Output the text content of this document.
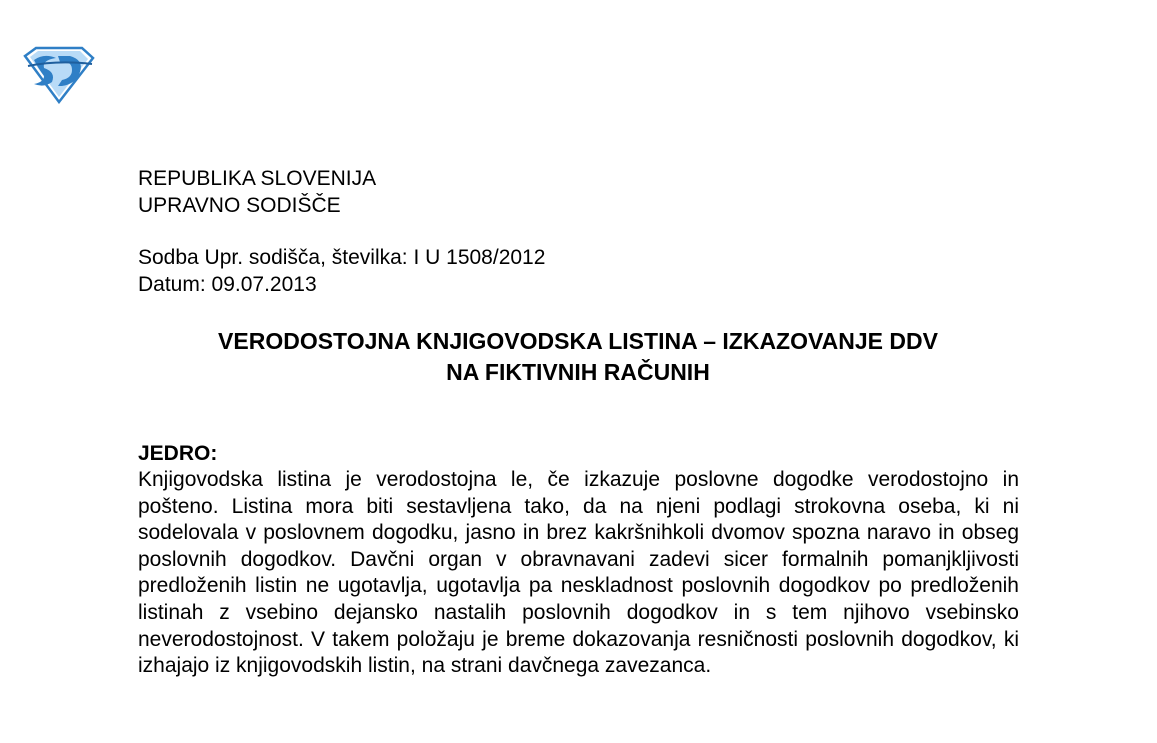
REPUBLIKA SLOVENIJA
UPRAVNO SODIŠČE
Sodba Upr. sodišča, številka: I U 1508/2012
Datum: 09.07.2013
VERODOSTOJNA KNJIGOVODSKA LISTINA – IZKAZOVANJE DDV
NA FIKTIVNIH RAČUNIH
JEDRO:
Knjigovodska listina je verodostojna le, če izkazuje poslovne dogodke verodostojno in pošteno. Listina mora biti sestavljena tako, da na njeni podlagi strokovna oseba, ki ni sodelovala v poslovnem dogodku, jasno in brez kakršnihkoli dvomov spozna naravo in obseg poslovnih dogodkov. Davčni organ v obravnavani zadevi sicer formalnih pomanjkljivosti predloženih listin ne ugotavlja, ugotavlja pa neskladnost poslovnih dogodkov po predloženih listinah z vsebino dejansko nastalih poslovnih dogodkov in s tem njihovo vsebinsko neverodostojnost. V takem položaju je breme dokazovanja resničnosti poslovnih dogodkov, ki izhajajo iz knjigovodskih listin, na strani davčnega zavezanca.
